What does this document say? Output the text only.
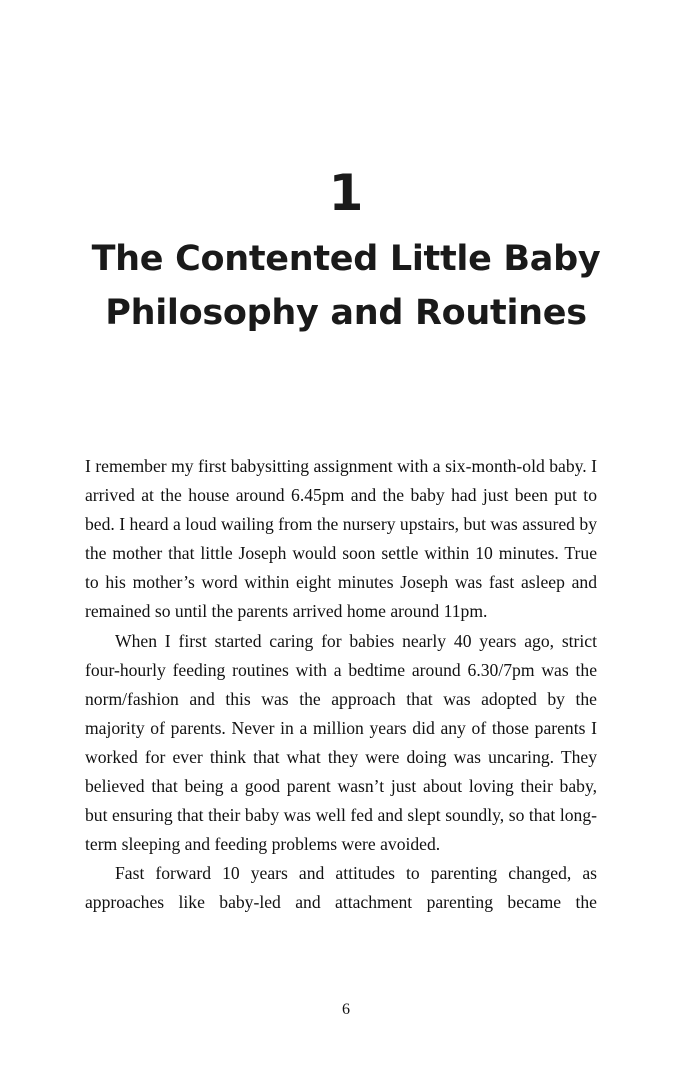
1
The Contented Little Baby
Philosophy and Routines

I remember my first babysitting assignment with a six-month-old baby. I arrived at the house around 6.45pm and the baby had just been put to bed. I heard a loud wailing from the nursery upstairs, but was assured by the mother that little Joseph would soon settle within 10 minutes. True to his mother’s word within eight minutes Joseph was fast asleep and remained so until the parents arrived home around 11pm.

When I first started caring for babies nearly 40 years ago, strict four-hourly feeding routines with a bedtime around 6.30/7pm was the norm/fashion and this was the approach that was adopted by the majority of parents. Never in a million years did any of those parents I worked for ever think that what they were doing was uncaring. They believed that being a good parent wasn’t just about loving their baby, but ensuring that their baby was well fed and slept soundly, so that long-term sleeping and feeding problems were avoided.

Fast forward 10 years and attitudes to parenting changed, as approaches like baby-led and attachment parenting became the

6
